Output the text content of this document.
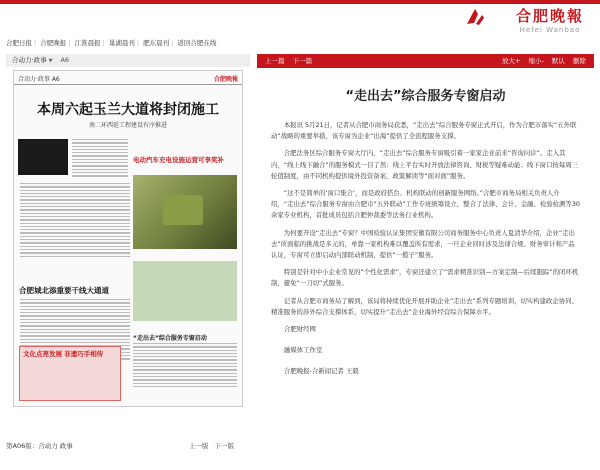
合肥晚報
Hefei Wanbao
合肥日报 | 合肥晚报 | 江淮晨报 | 巢湖晨刊 | 肥东晨刊 | 返回合肥在线
合动力·政事 ▼ A6
合动力·政事 A6	合肥晚報
本周六起玉兰大道将封闭施工
南二环西延工程建设有序推进
电动汽车充电设施运营可享奖补
合肥城北添重要干线大通道
“走出去”综合服务专窗启动
文化点亮发展 非遗巧手相传
第A06版：合动力 政事	上一版 下一版
上一篇 下一篇	放大+ 缩小- 默认 删除
“走出去”综合服务专窗启动

本报讯 5月21日，记者从合肥市商务局获悉，“走出去”综合服务专窗正式开启，作为合肥市落实“五外联动”战略的重要举措，该专窗为企业“出海”提供了全流程服务支撑。

合肥法务区综合服务专窗大厅内，“走出去”综合服务专窗吸引着一家家企业前来“咨询问诊”。走入其内，“线上线下融合”的服务模式一目了然：线上平台实时开放法律咨询、财税等疑难动能；线下窗口按每周三轮值制度，由不同机构提供境外投资备案、政策解读等“面对面”服务。

“这不是简单的‘窗口集合’，而是政府搭台、机构联动的创新服务网络。”合肥市商务局相关负责人介绍，“走出去”综合服务专窗由合肥市“五外联动”工作专班统筹设立，整合了法律、会计、金融、检验检测等30余家专业机构，首批成员包括合肥仲裁委等法务行业机构。

为何要开设“走出去”专窗？中国检验认证集团安徽有限公司商务服务中心负责人夏清华介绍，企业“走出去”所面临的挑战是多元的，单靠一家机构难以覆盖所有需求，一旦企业同时涉及法律合规、财务审计和产品认证，专窗可立即启动内部联动机制，提供“一揽子”服务。

特别是针对中小企业常见的“个性化需求”，专窗还建立了“需求精准识别—方案定制—后续跟踪”的闭环机制，避免“一刀切”式服务。

记者从合肥市商务局了解到，该局将持续优化开展并助企业“走出去”系列专题培训，切实构建政企协同、精准服务的涉外综合支撑体系，切实提升“走出去”企业海外经营综合保障水平。

合肥财经网
融媒体工作室
合肥晚报-合新闻记者 王毅
